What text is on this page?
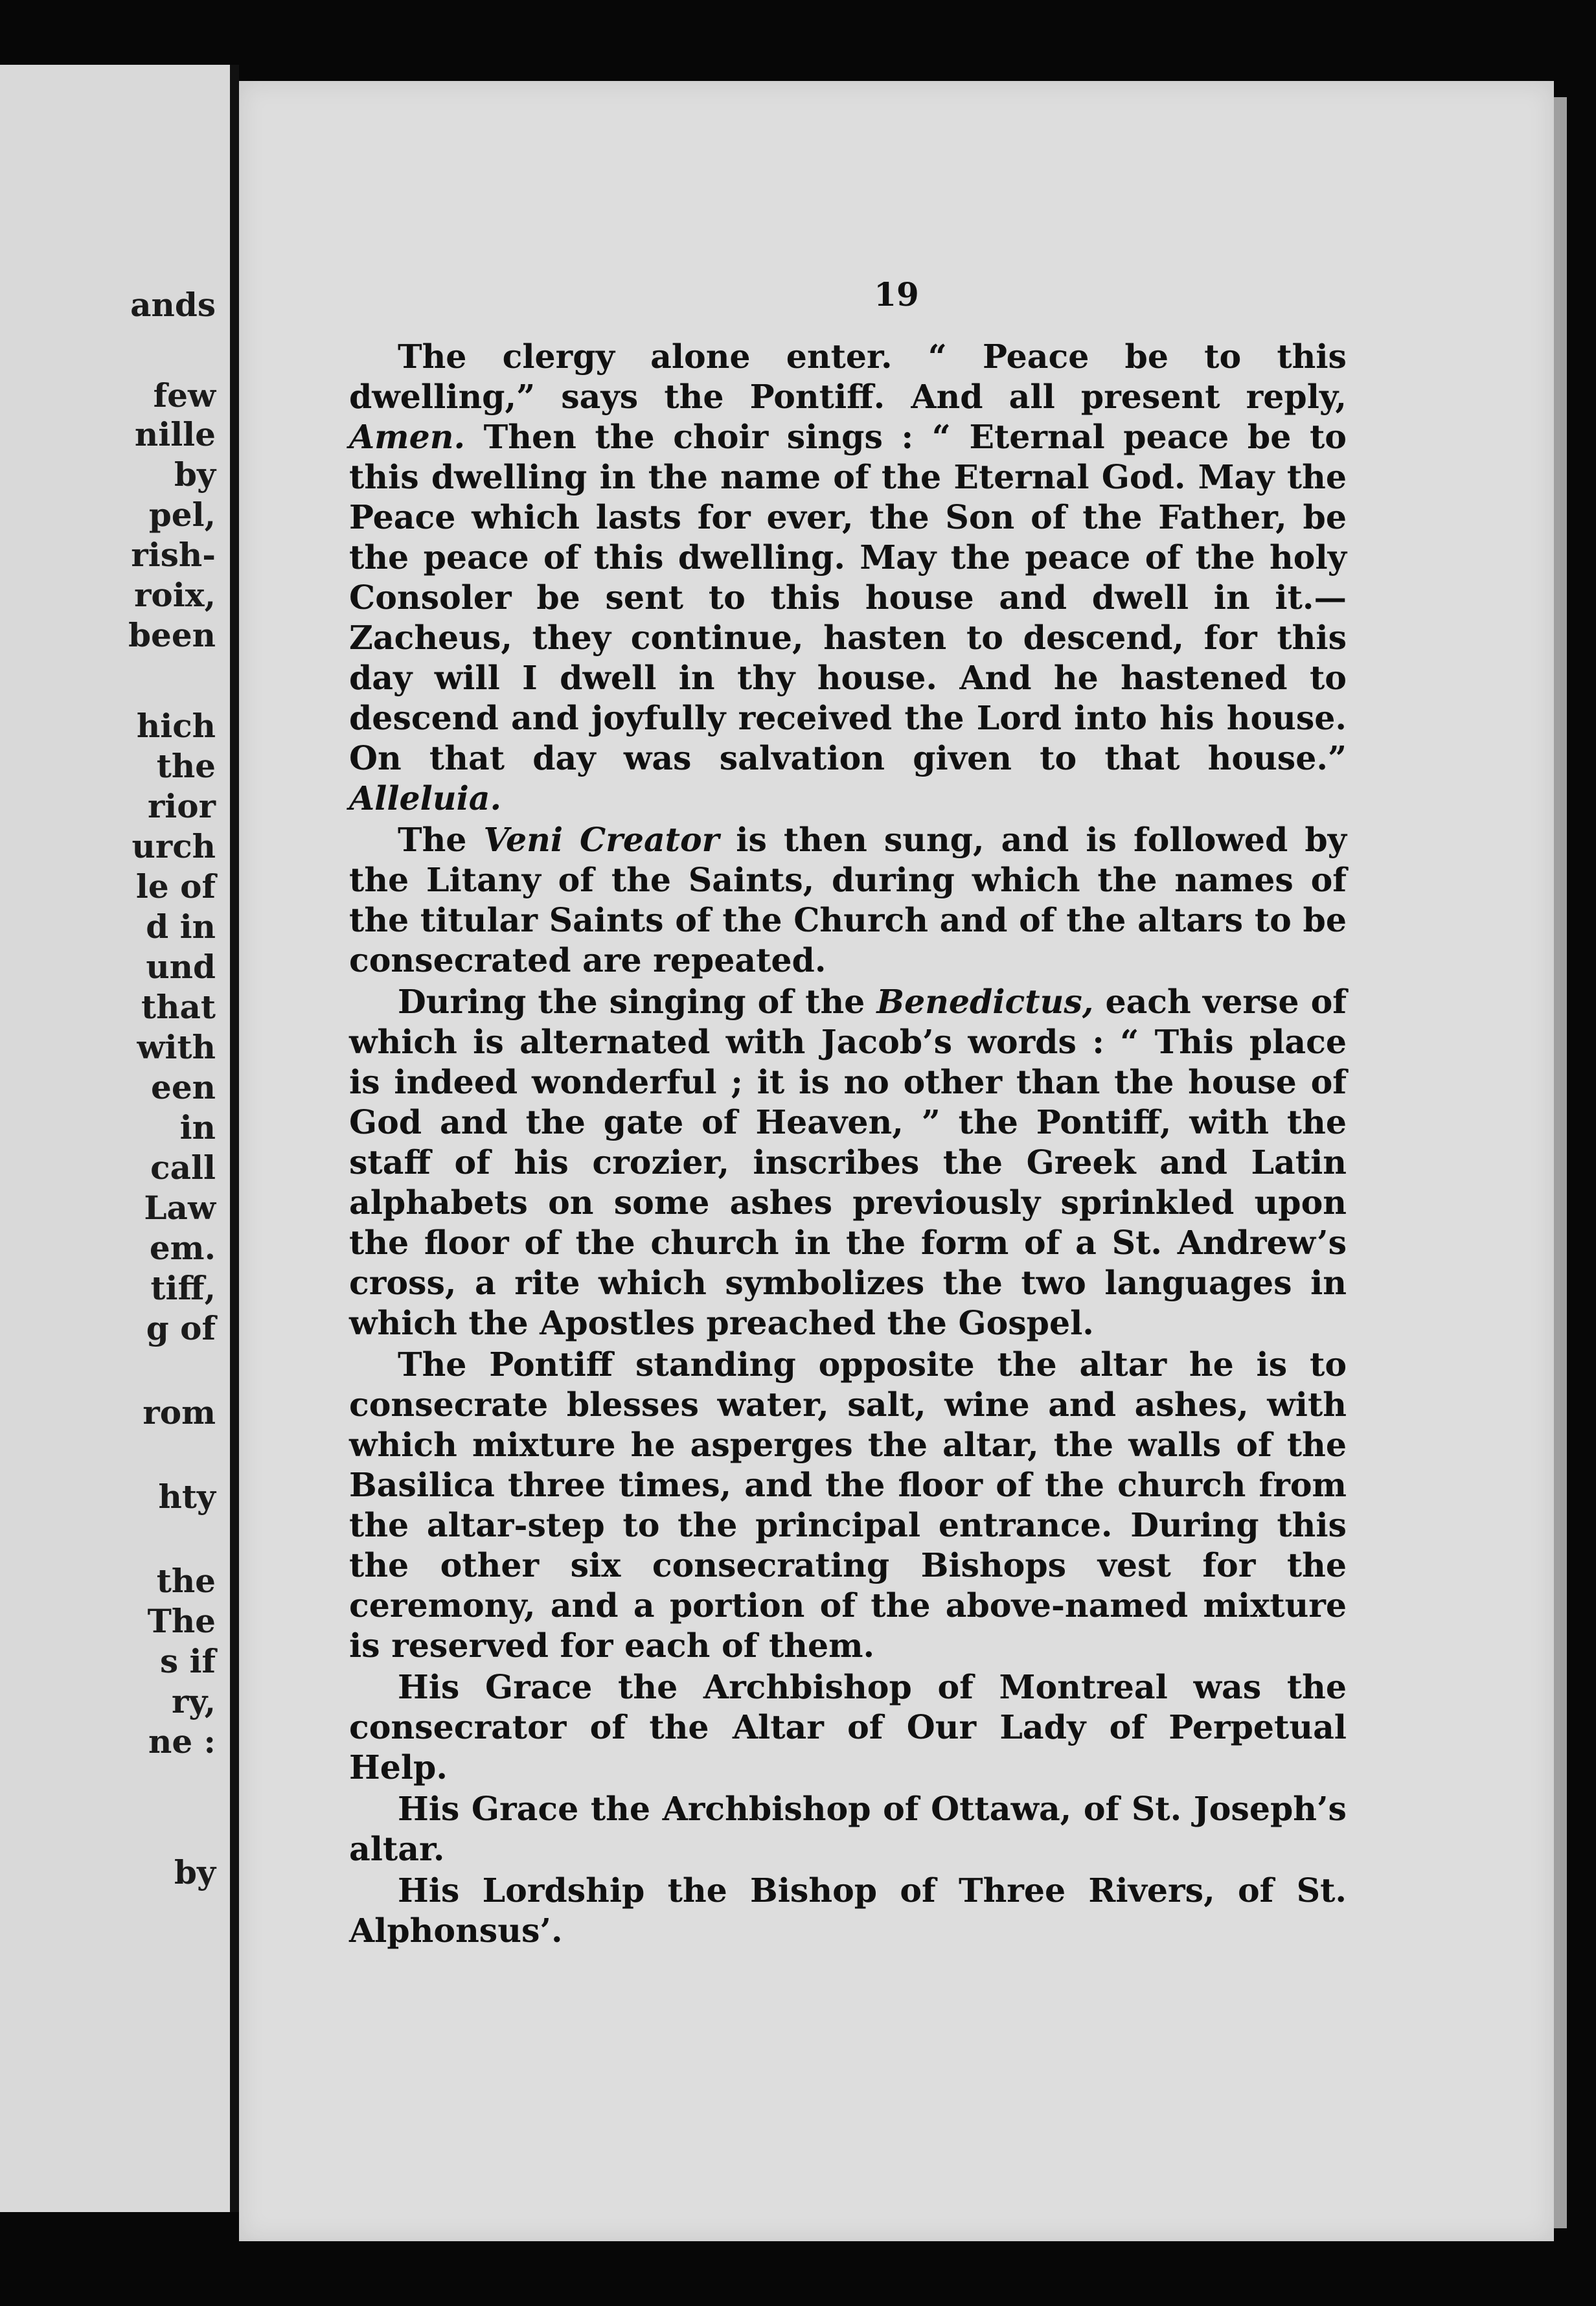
ands
few
nille
by
pel,
rish-
roix,
been
hich
the
rior
urch
le of
d in
und
that
with
een
in
call
Law
em.
tiff,
g of
rom
hty
the
The
s if
ry,
ne :
by
19

The clergy alone enter. “ Peace be to this dwelling,” says the Pontiff. And all present reply, Amen. Then the choir sings : “ Eternal peace be to this dwelling in the name of the Eternal God. May the Peace which lasts for ever, the Son of the Father, be the peace of this dwelling. May the peace of the holy Consoler be sent to this house and dwell in it.—Zacheus, they continue, hasten to descend, for this day will I dwell in thy house. And he hastened to descend and joyfully received the Lord into his house. On that day was salvation given to that house.” Alleluia.

The Veni Creator is then sung, and is followed by the Litany of the Saints, during which the names of the titular Saints of the Church and of the altars to be consecrated are repeated.

During the singing of the Benedictus, each verse of which is alternated with Jacob’s words : “ This place is indeed wonderful ; it is no other than the house of God and the gate of Heaven, ” the Pontiff, with the staff of his crozier, inscribes the Greek and Latin alphabets on some ashes previously sprinkled upon the floor of the church in the form of a St. Andrew’s cross, a rite which symbolizes the two languages in which the Apostles preached the Gospel.

The Pontiff standing opposite the altar he is to consecrate blesses water, salt, wine and ashes, with which mixture he asperges the altar, the walls of the Basilica three times, and the floor of the church from the altar-step to the principal entrance. During this the other six consecrating Bishops vest for the ceremony, and a portion of the above-named mixture is reserved for each of them.

His Grace the Archbishop of Montreal was the consecrator of the Altar of Our Lady of Perpetual Help.

His Grace the Archbishop of Ottawa, of St. Joseph’s altar.

His Lordship the Bishop of Three Rivers, of St. Alphonsus’.
